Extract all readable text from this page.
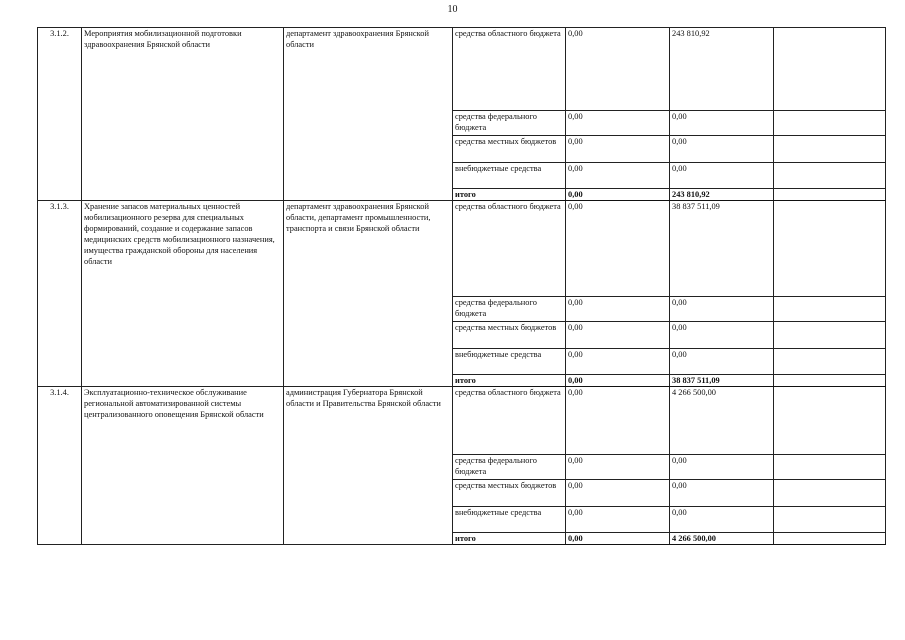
10
3.1.2.	Мероприятия мобилизационной подготовки здравоохранения Брянской области	департамент здравоохранения Брянской области	средства областного бюджета	0,00	243 810,92	
			средства федерального бюджета	0,00	0,00	
			средства местных бюджетов	0,00	0,00	
			внебюджетные средства	0,00	0,00	
			итого	0,00	243 810,92	
3.1.3.	Хранение запасов материальных ценностей мобилизационного резерва для специальных формирований, создание и содержание запасов медицинских средств мобилизационного назначения, имущества гражданской обороны для населения области	департамент здравоохранения Брянской области, департамент промышленности, транспорта и связи Брянской области	средства областного бюджета	0,00	38 837 511,09	
			средства федерального бюджета	0,00	0,00	
			средства местных бюджетов	0,00	0,00	
			внебюджетные средства	0,00	0,00	
			итого	0,00	38 837 511,09	
3.1.4.	Эксплуатационно-техническое обслуживание региональной автоматизированной системы централизованного оповещения Брянской области	администрация Губернатора Брянской области и Правительства Брянской области	средства областного бюджета	0,00	4 266 500,00	
			средства федерального бюджета	0,00	0,00	
			средства местных бюджетов	0,00	0,00	
			внебюджетные средства	0,00	0,00	
			итого	0,00	4 266 500,00	
